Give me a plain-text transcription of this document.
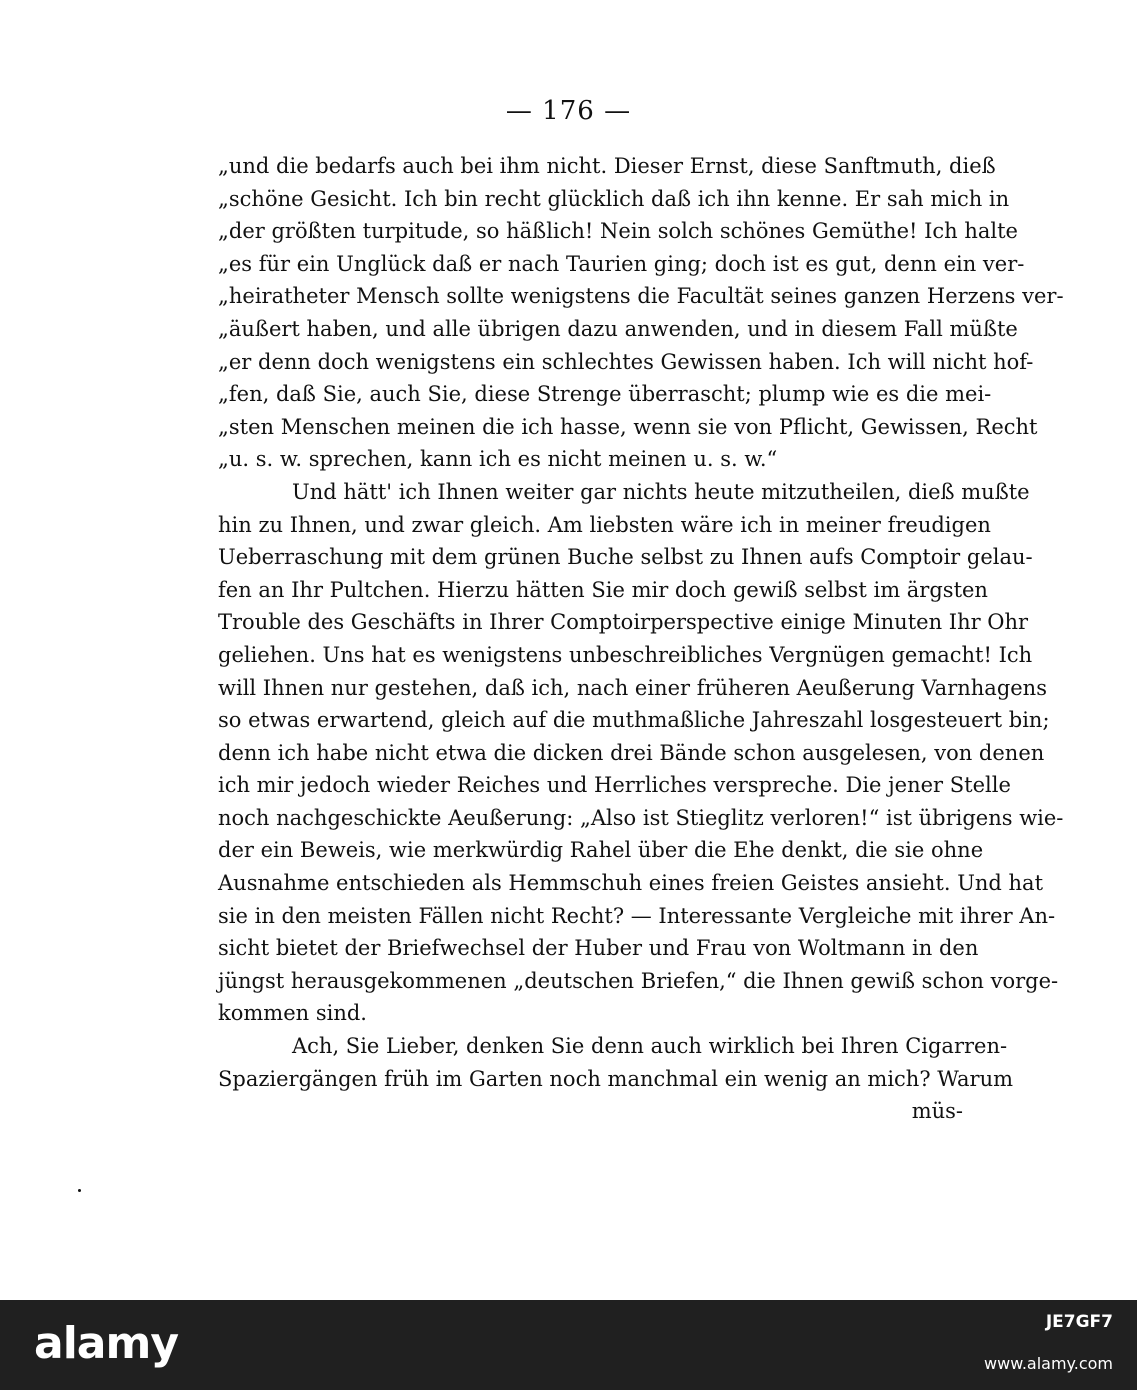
— 176 —
„und die bedarfs auch bei ihm nicht. Dieser Ernst, diese Sanftmuth, dieß
„schöne Gesicht. Ich bin recht glücklich daß ich ihn kenne. Er sah mich in
„der größten turpitude, so häßlich! Nein solch schönes Gemüthe! Ich halte
„es für ein Unglück daß er nach Taurien ging; doch ist es gut, denn ein ver-
„heiratheter Mensch sollte wenigstens die Facultät seines ganzen Herzens ver-
„äußert haben, und alle übrigen dazu anwenden, und in diesem Fall müßte
„er denn doch wenigstens ein schlechtes Gewissen haben. Ich will nicht hof-
„fen, daß Sie, auch Sie, diese Strenge überrascht; plump wie es die mei-
„sten Menschen meinen die ich hasse, wenn sie von Pflicht, Gewissen, Recht
„u. s. w. sprechen, kann ich es nicht meinen u. s. w.“
Und hätt' ich Ihnen weiter gar nichts heute mitzutheilen, dieß mußte
hin zu Ihnen, und zwar gleich. Am liebsten wäre ich in meiner freudigen
Ueberraschung mit dem grünen Buche selbst zu Ihnen aufs Comptoir gelau-
fen an Ihr Pultchen. Hierzu hätten Sie mir doch gewiß selbst im ärgsten
Trouble des Geschäfts in Ihrer Comptoirperspective einige Minuten Ihr Ohr
geliehen. Uns hat es wenigstens unbeschreibliches Vergnügen gemacht! Ich
will Ihnen nur gestehen, daß ich, nach einer früheren Aeußerung Varnhagens
so etwas erwartend, gleich auf die muthmaßliche Jahreszahl losgesteuert bin;
denn ich habe nicht etwa die dicken drei Bände schon ausgelesen, von denen
ich mir jedoch wieder Reiches und Herrliches verspreche. Die jener Stelle
noch nachgeschickte Aeußerung: „Also ist Stieglitz verloren!“ ist übrigens wie-
der ein Beweis, wie merkwürdig Rahel über die Ehe denkt, die sie ohne
Ausnahme entschieden als Hemmschuh eines freien Geistes ansieht. Und hat
sie in den meisten Fällen nicht Recht? — Interessante Vergleiche mit ihrer An-
sicht bietet der Briefwechsel der Huber und Frau von Woltmann in den
jüngst herausgekommenen „deutschen Briefen,“ die Ihnen gewiß schon vorge-
kommen sind.
Ach, Sie Lieber, denken Sie denn auch wirklich bei Ihren Cigarren-
Spaziergängen früh im Garten noch manchmal ein wenig an mich? Warum
müs-
alamy	JE7GF7
www.alamy.com
